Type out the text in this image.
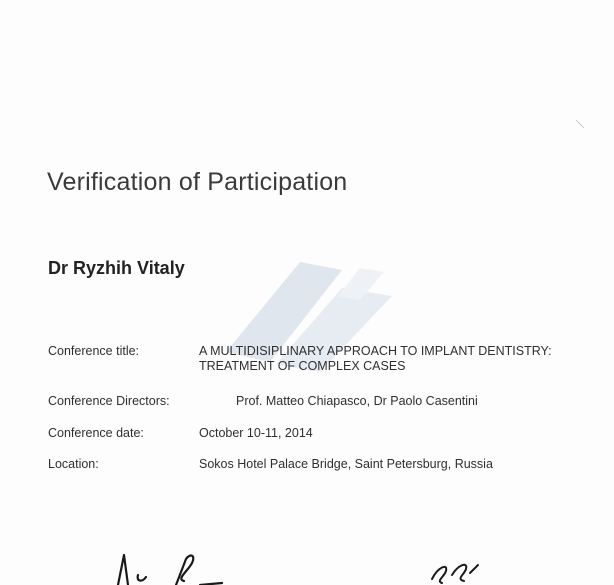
Verification of Participation
Dr Ryzhih Vitaly
Conference title:	A MULTIDISIPLINARY APPROACH TO IMPLANT DENTISTRY:
TREATMENT OF COMPLEX CASES
Conference Directors:	Prof. Matteo Chiapasco, Dr Paolo Casentini
Conference date:	October 10-11, 2014
Location:	Sokos Hotel Palace Bridge, Saint Petersburg, Russia
